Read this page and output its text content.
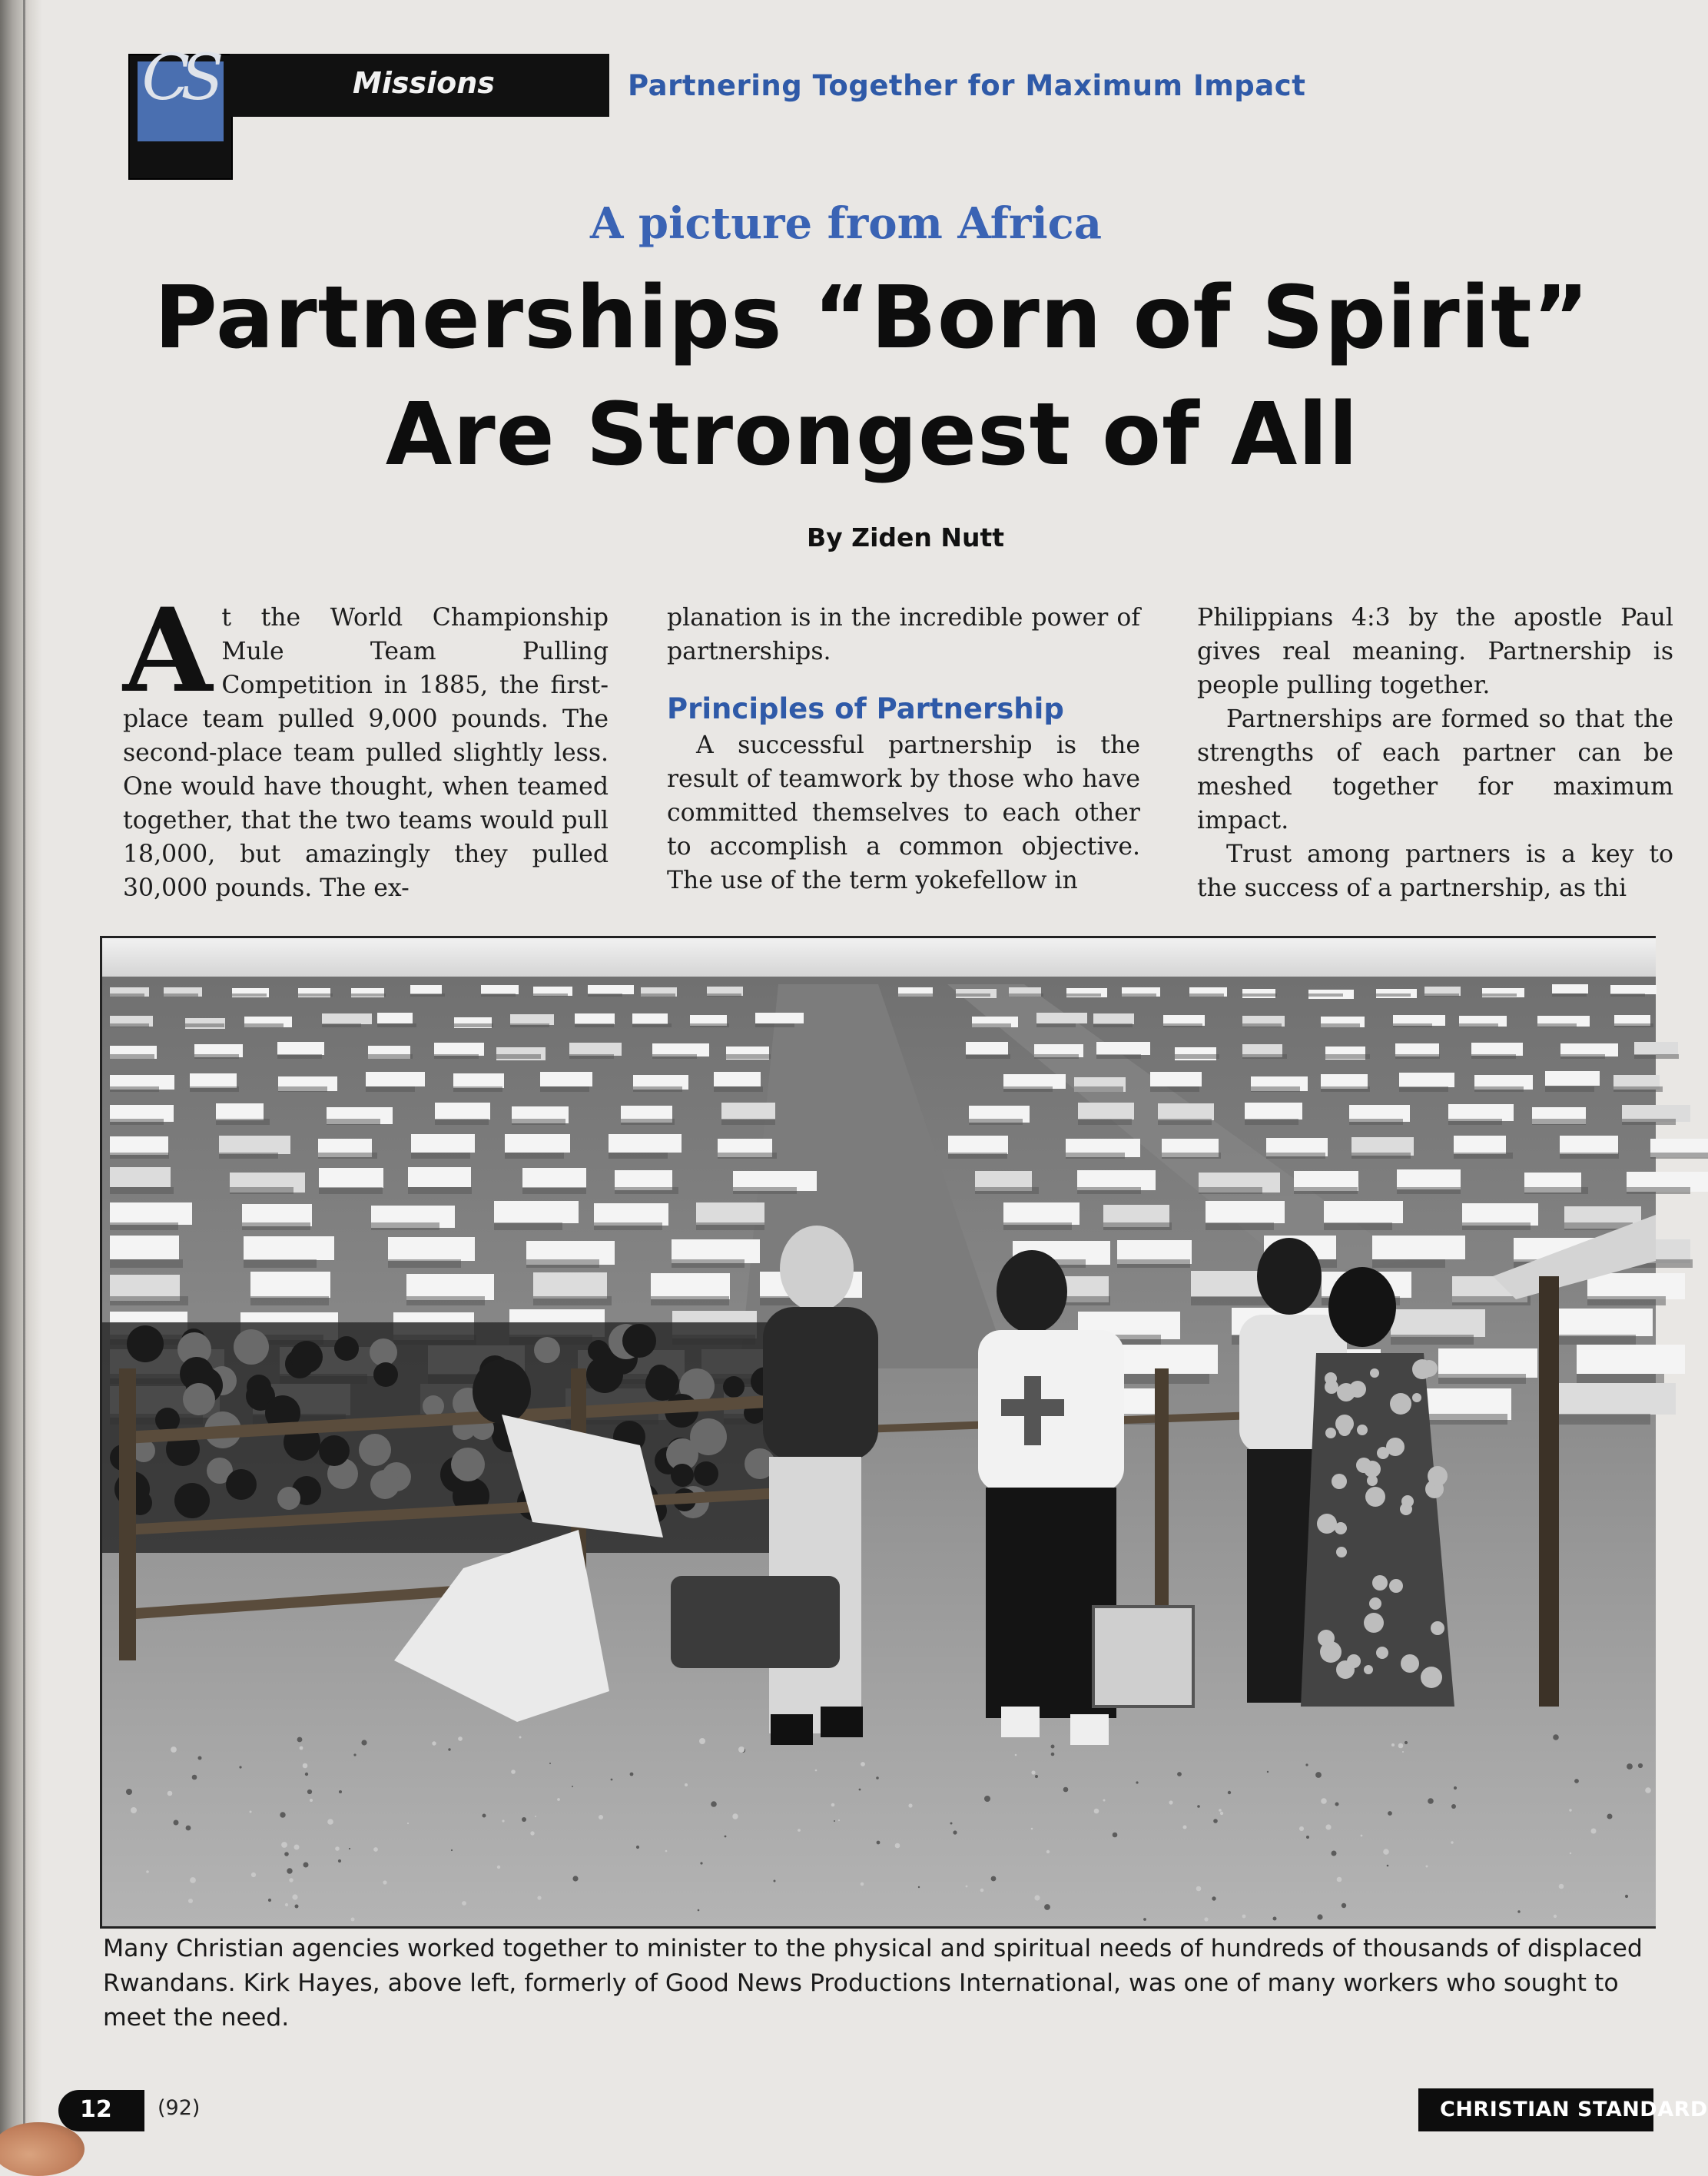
CS	Missions	Partnering Together for Maximum Impact
A picture from Africa
Partnerships “Born of Spirit”
Are Strongest of All
By Ziden Nutt
A t the World Championship Mule Team Pulling Competition in 1885, the first-place team pulled 9,000 pounds. The second-place team pulled slightly less. One would have thought, when teamed together, that the two teams would pull 18,000, but amazingly they pulled 30,000 pounds. The ex-

planation is in the incredible power of partnerships.

Principles of Partnership

A successful partnership is the result of teamwork by those who have committed themselves to each other to accomplish a common objective. The use of the term yokefellow in

Philippians 4:3 by the apostle Paul gives real meaning. Partnership is people pulling together.

Partnerships are formed so that the strengths of each partner can be meshed together for maximum impact.

Trust among partners is a key to the success of a partnership, as thi

Many Christian agencies worked together to minister to the physical and spiritual needs of hundreds of thousands of displaced Rwandans. Kirk Hayes, above left, formerly of Good News Productions International, was one of many workers who sought to meet the need.
12 (92)	CHRISTIAN STANDARD
